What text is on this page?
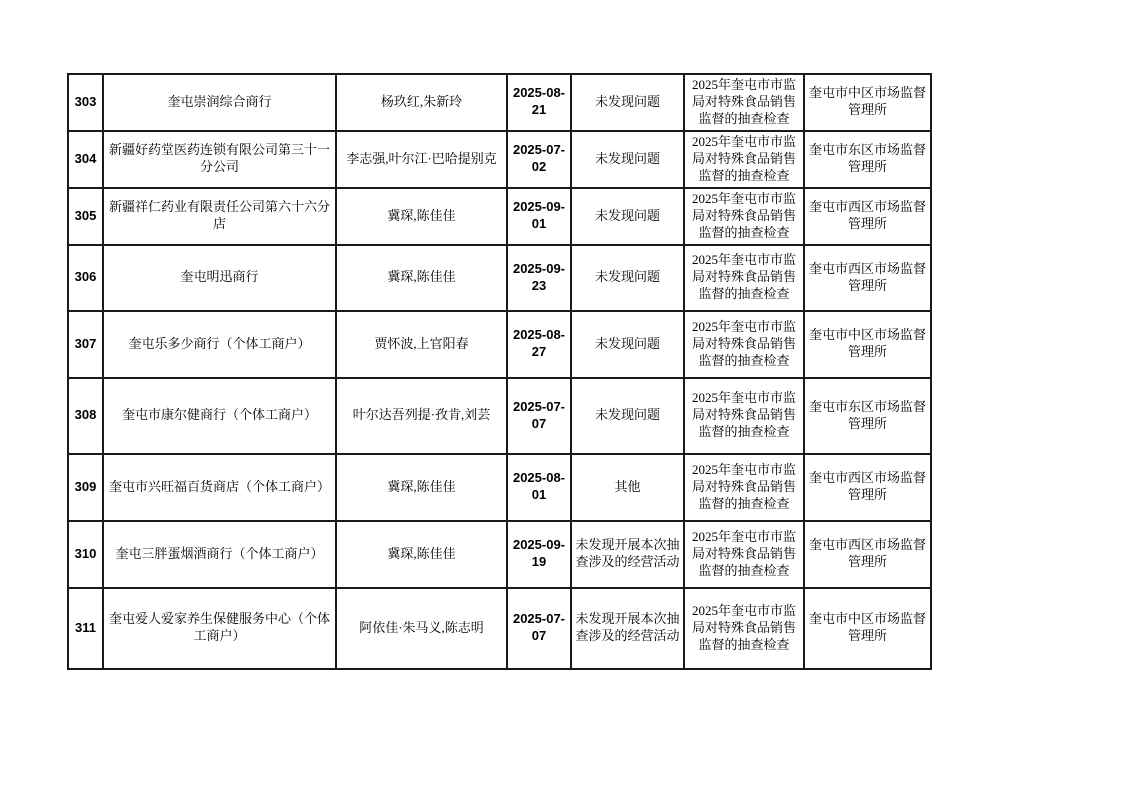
303	奎屯崇润综合商行	杨玖红,朱新玲	2025-08-21	未发现问题	2025年奎屯市市监局对特殊食品销售监督的抽查检查	奎屯市中区市场监督管理所
304	新疆好药堂医药连锁有限公司第三十一分公司	李志强,叶尔江·巴哈提别克	2025-07-02	未发现问题	2025年奎屯市市监局对特殊食品销售监督的抽查检查	奎屯市东区市场监督管理所
305	新疆祥仁药业有限责任公司第六十六分店	冀琛,陈佳佳	2025-09-01	未发现问题	2025年奎屯市市监局对特殊食品销售监督的抽查检查	奎屯市西区市场监督管理所
306	奎屯明迅商行	冀琛,陈佳佳	2025-09-23	未发现问题	2025年奎屯市市监局对特殊食品销售监督的抽查检查	奎屯市西区市场监督管理所
307	奎屯乐多少商行（个体工商户）	贾怀波,上官阳春	2025-08-27	未发现问题	2025年奎屯市市监局对特殊食品销售监督的抽查检查	奎屯市中区市场监督管理所
308	奎屯市康尔健商行（个体工商户）	叶尔达吾列提·孜肯,刘芸	2025-07-07	未发现问题	2025年奎屯市市监局对特殊食品销售监督的抽查检查	奎屯市东区市场监督管理所
309	奎屯市兴旺福百货商店（个体工商户）	冀琛,陈佳佳	2025-08-01	其他	2025年奎屯市市监局对特殊食品销售监督的抽查检查	奎屯市西区市场监督管理所
310	奎屯三胖蛋烟酒商行（个体工商户）	冀琛,陈佳佳	2025-09-19	未发现开展本次抽查涉及的经营活动	2025年奎屯市市监局对特殊食品销售监督的抽查检查	奎屯市西区市场监督管理所
311	奎屯爱人爱家养生保健服务中心（个体工商户）	阿依佳·朱马义,陈志明	2025-07-07	未发现开展本次抽查涉及的经营活动	2025年奎屯市市监局对特殊食品销售监督的抽查检查	奎屯市中区市场监督管理所
